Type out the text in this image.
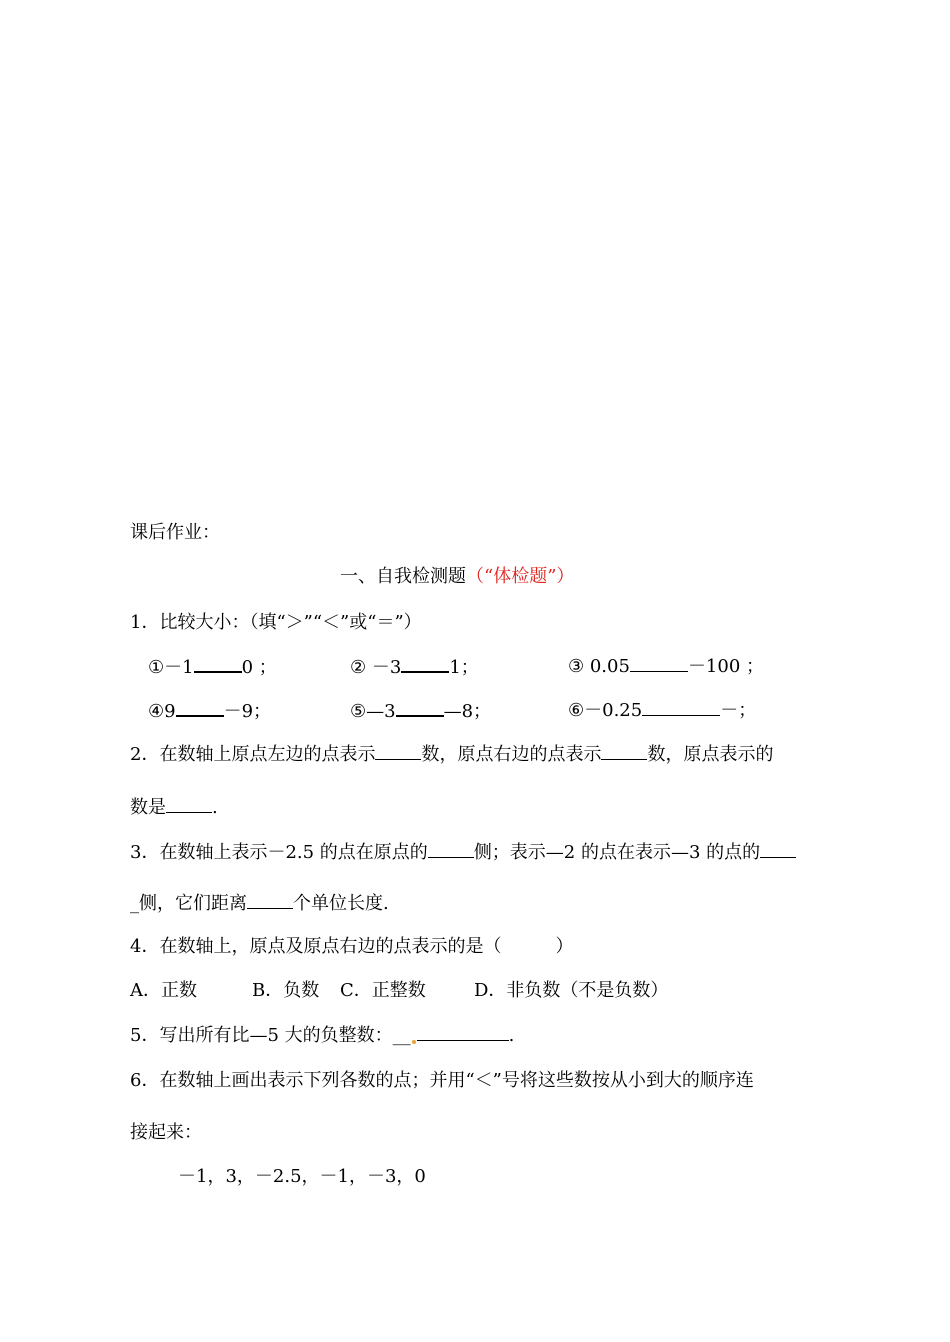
课后作业：
一、自我检测题（“体检题”）
1．比较大小：（填“＞”“＜”或“＝”）
①－1	0 ；	② －3	1；	③ 0.05	－100 ；
④9	－9；	⑤—3	—8；	⑥－0.25	－；
2．在数轴上原点左边的点表示	数，原点右边的点表示	数，原点表示的
数是	.
3．在数轴上表示－2.5 的点在原点的	侧；表示—2 的点在表示—3 的点的
_侧，它们距离	个单位长度.
4．在数轴上，原点及原点右边的点表示的是（　　　）
A．正数	B．负数 C．正整数	D．非负数（不是负数）
5．写出所有比—5 大的负整数：__	.
6．在数轴上画出表示下列各数的点；并用“＜”号将这些数按从小到大的顺序连
接起来：
－1，3，－2.5，－1，－3，0
